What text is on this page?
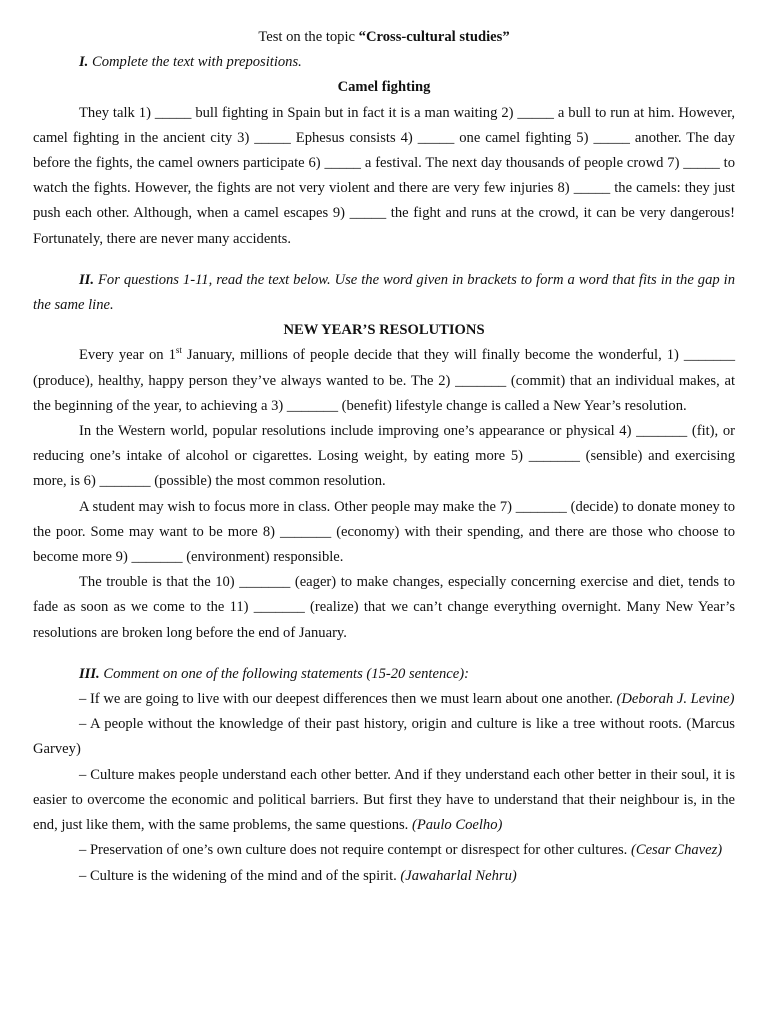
Test on the topic “Cross-cultural studies”

I. Complete the text with prepositions.

Camel fighting

They talk 1) _____ bull fighting in Spain but in fact it is a man waiting 2) _____ a bull to run at him. However, camel fighting in the ancient city 3) _____ Ephesus consists 4) _____ one camel fighting 5) _____ another. The day before the fights, the camel owners participate 6) _____ a festival. The next day thousands of people crowd 7) _____ to watch the fights. However, the fights are not very violent and there are very few injuries 8) _____ the camels: they just push each other. Although, when a camel escapes 9) _____ the fight and runs at the crowd, it can be very dangerous! Fortunately, there are never many accidents.

II. For questions 1-11, read the text below. Use the word given in brackets to form a word that fits in the gap in the same line.

NEW YEAR’S RESOLUTIONS

Every year on 1st January, millions of people decide that they will finally become the wonderful, 1) _______ (produce), healthy, happy person they’ve always wanted to be. The 2) _______ (commit) that an individual makes, at the beginning of the year, to achieving a 3) _______ (benefit) lifestyle change is called a New Year’s resolution.

In the Western world, popular resolutions include improving one’s appearance or physical 4) _______ (fit), or reducing one’s intake of alcohol or cigarettes. Losing weight, by eating more 5) _______ (sensible) and exercising more, is 6) _______ (possible) the most common resolution.

A student may wish to focus more in class. Other people may make the 7) _______ (decide) to donate money to the poor. Some may want to be more 8) _______ (economy) with their spending, and there are those who choose to become more 9) _______ (environment) responsible.

The trouble is that the 10) _______ (eager) to make changes, especially concerning exercise and diet, tends to fade as soon as we come to the 11) _______ (realize) that we can’t change everything overnight. Many New Year’s resolutions are broken long before the end of January.

III. Comment on one of the following statements (15-20 sentence):

– If we are going to live with our deepest differences then we must learn about one another. (Deborah J. Levine)

– A people without the knowledge of their past history, origin and culture is like a tree without roots. (Marcus Garvey)

– Culture makes people understand each other better. And if they understand each other better in their soul, it is easier to overcome the economic and political barriers. But first they have to understand that their neighbour is, in the end, just like them, with the same problems, the same questions. (Paulo Coelho)

– Preservation of one’s own culture does not require contempt or disrespect for other cultures. (Cesar Chavez)

– Culture is the widening of the mind and of the spirit. (Jawaharlal Nehru)
